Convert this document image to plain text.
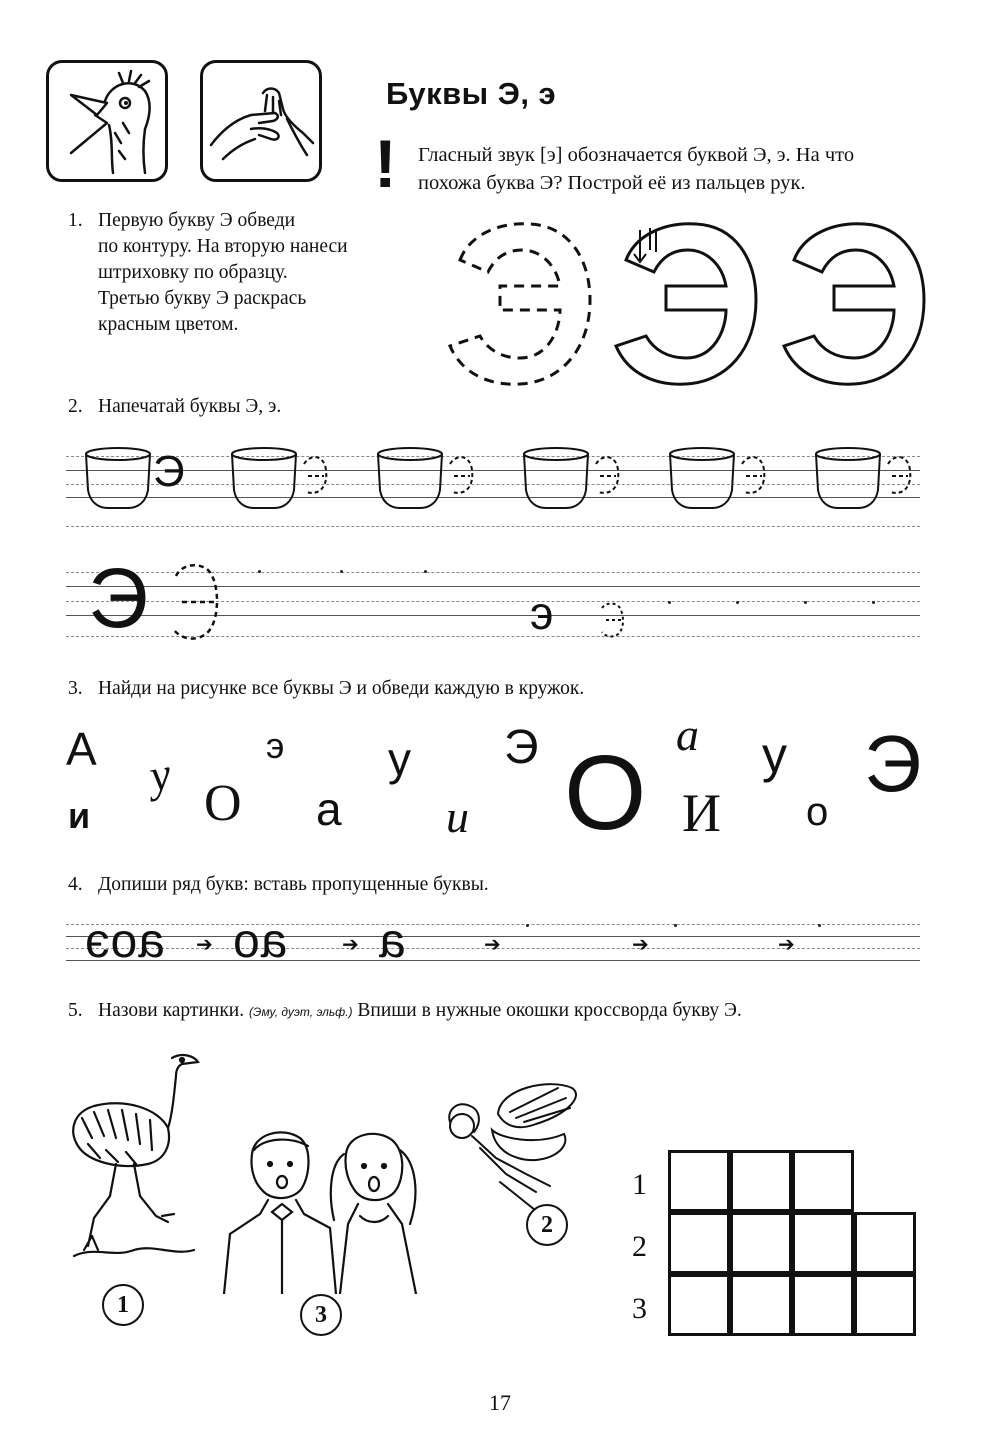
Буквы Э, э
! Гласный звук [э] обозначается буквой Э, э. На что
похожа буква Э? Построй её из пальцев рук.
1. Первую букву Э обведи
по контуру. На вторую нанеси
штриховку по образцу.
Третью букву Э раскрась
красным цветом.
2. Напечатай буквы Э, э.
Э
Э	э
3. Найди на рисунке все буквы Э и обведи каждую в кружок.
А у
э
О а
у
и
Э О а у
И о
Э
и
4. Допиши ряд букв: вставь пропущенные буквы.
аоэ ➔ ао	➔ а	➔	➔	➔
5. Назови картинки. (Эму, дуэт, эльф.) Впиши в нужные окошки кроссворда букву Э.
1	3
2
1
2
3
17
